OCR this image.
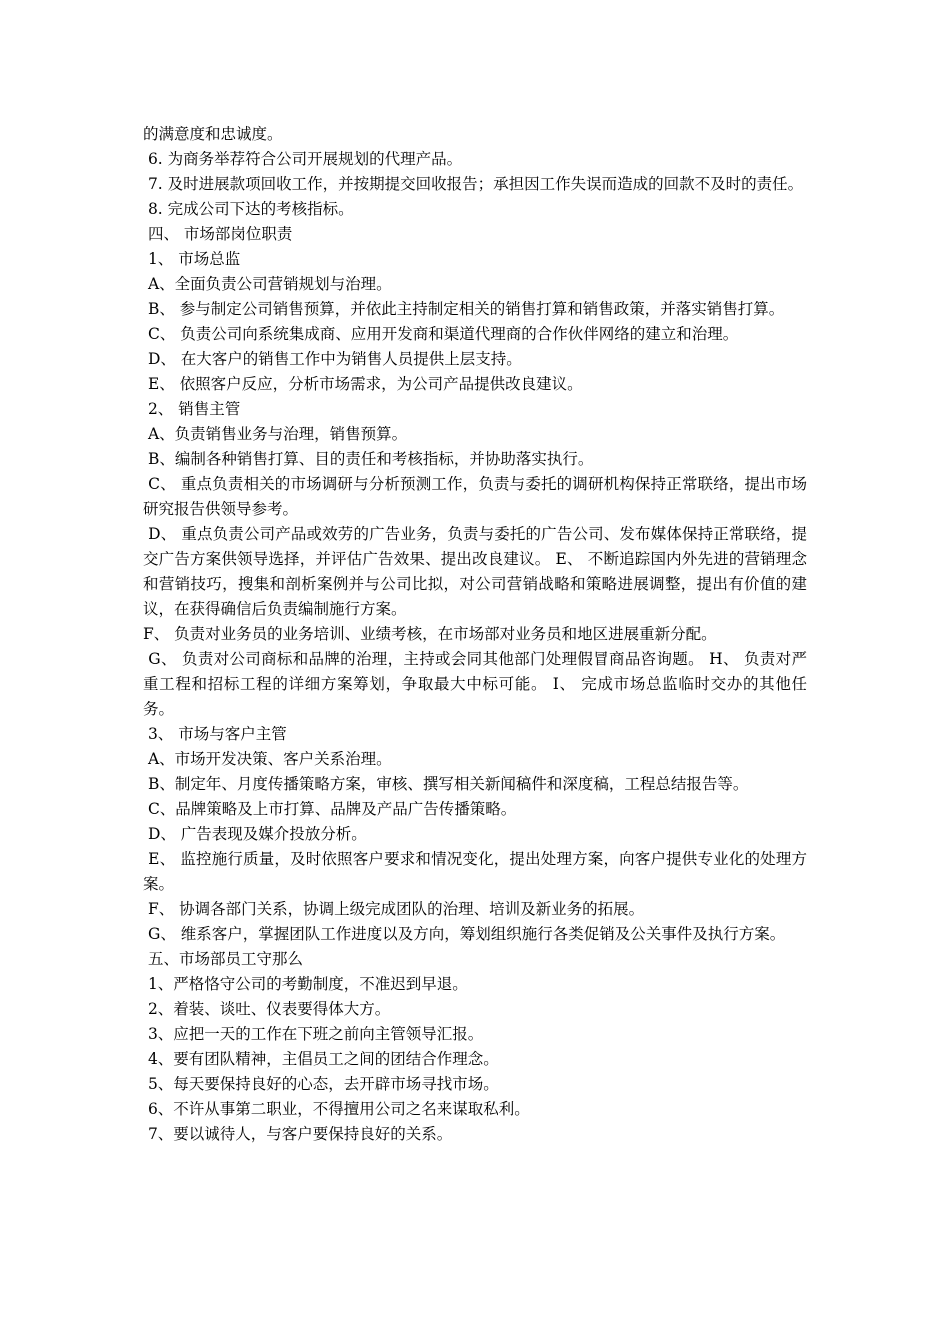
的满意度和忠诚度。

6. 为商务举荐符合公司开展规划的代理产品。

7. 及时进展款项回收工作，并按期提交回收报告；承担因工作失误而造成的回款不及时的责任。

8. 完成公司下达的考核指标。

四、 市场部岗位职责

1、 市场总监

A、全面负责公司营销规划与治理。

B、 参与制定公司销售预算，并依此主持制定相关的销售打算和销售政策，并落实销售打算。

C、 负责公司向系统集成商、应用开发商和渠道代理商的合作伙伴网络的建立和治理。

D、 在大客户的销售工作中为销售人员提供上层支持。

E、 依照客户反应，分析市场需求，为公司产品提供改良建议。

2、 销售主管

A、负责销售业务与治理，销售预算。

B、编制各种销售打算、目的责任和考核指标，并协助落实执行。

C、 重点负责相关的市场调研与分析预测工作，负责与委托的调研机构保持正常联络，提出市场研究报告供领导参考。

D、 重点负责公司产品或效劳的广告业务，负责与委托的广告公司、发布媒体保持正常联络，提交广告方案供领导选择，并评估广告效果、提出改良建议。 E、 不断追踪国内外先进的营销理念和营销技巧，搜集和剖析案例并与公司比拟，对公司营销战略和策略进展调整，提出有价值的建议，在获得确信后负责编制施行方案。

F、 负责对业务员的业务培训、业绩考核，在市场部对业务员和地区进展重新分配。

G、 负责对公司商标和品牌的治理，主持或会同其他部门处理假冒商品咨询题。 H、 负责对严重工程和招标工程的详细方案筹划，争取最大中标可能。 I、 完成市场总监临时交办的其他任务。

3、 市场与客户主管

A、市场开发决策、客户关系治理。

B、制定年、月度传播策略方案，审核、撰写相关新闻稿件和深度稿，工程总结报告等。

C、品牌策略及上市打算、品牌及产品广告传播策略。

D、 广告表现及媒介投放分析。

E、 监控施行质量，及时依照客户要求和情况变化，提出处理方案，向客户提供专业化的处理方案。

F、 协调各部门关系，协调上级完成团队的治理、培训及新业务的拓展。

G、 维系客户，掌握团队工作进度以及方向，筹划组织施行各类促销及公关事件及执行方案。

五、市场部员工守那么

1、严格恪守公司的考勤制度，不准迟到早退。

2、着装、谈吐、仪表要得体大方。

3、应把一天的工作在下班之前向主管领导汇报。

4、要有团队精神，主倡员工之间的团结合作理念。

5、每天要保持良好的心态，去开辟市场寻找市场。

6、不许从事第二职业，不得擅用公司之名来谋取私利。

7、要以诚待人，与客户要保持良好的关系。
